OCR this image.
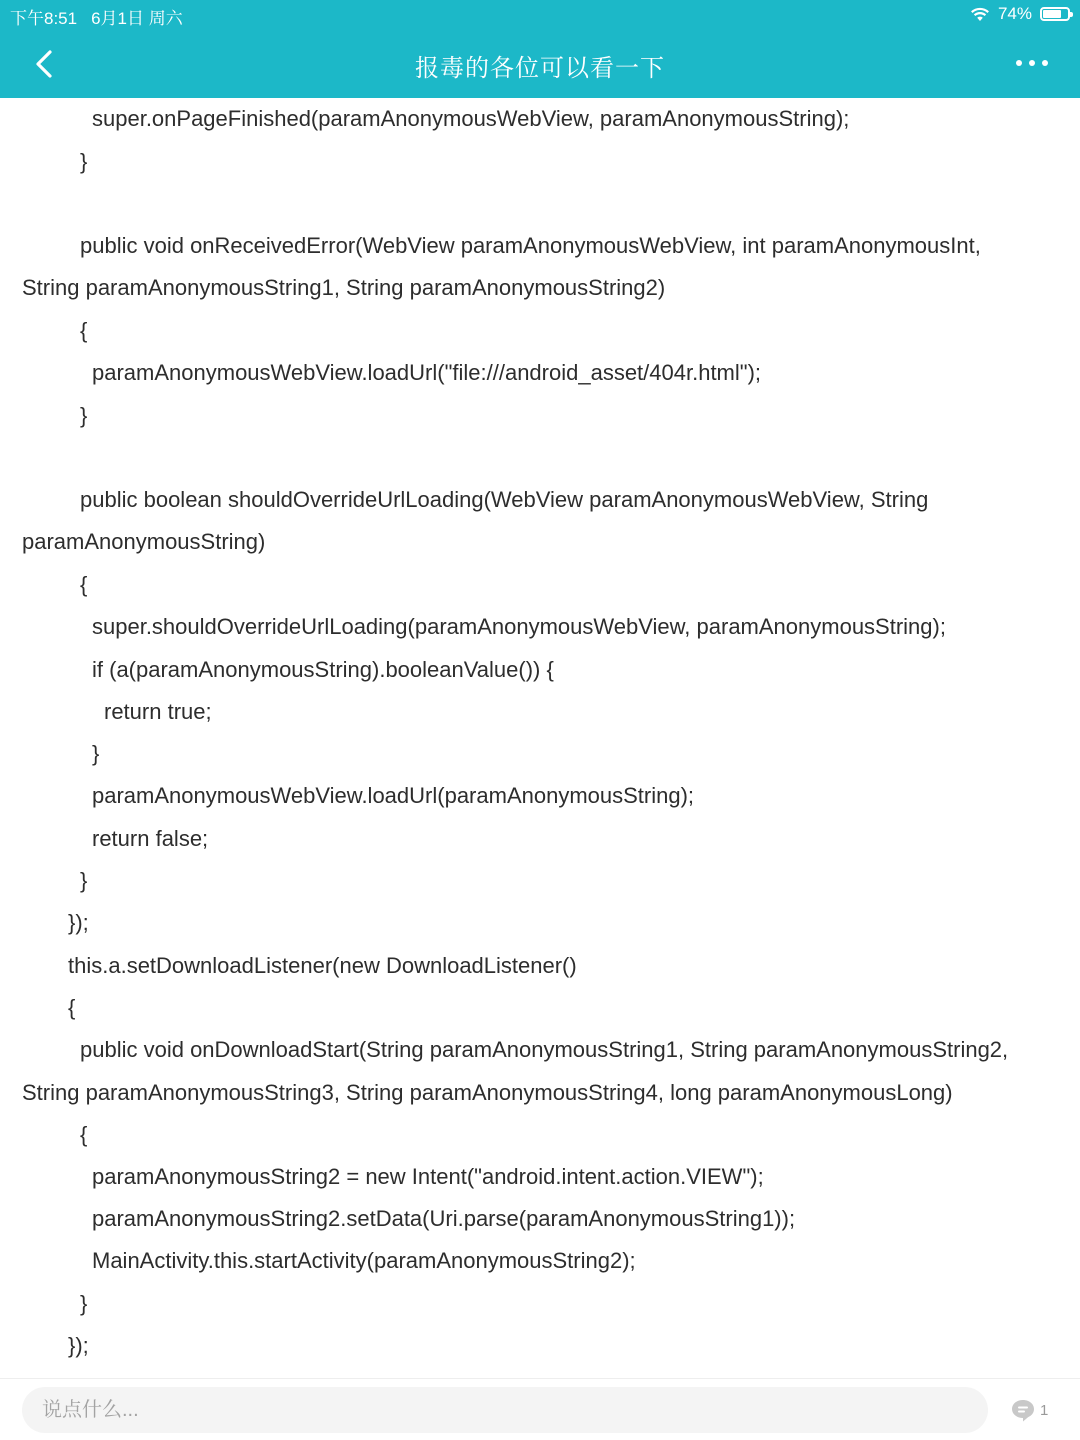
下午8:51 6月1日 周六	74%
报毒的各位可以看一下
super.onPageFinished(paramAnonymousWebView, paramAnonymousString);
}
public void onReceivedError(WebView paramAnonymousWebView, int paramAnonymousInt,
String paramAnonymousString1, String paramAnonymousString2)
{
paramAnonymousWebView.loadUrl("file:///android_asset/404r.html");
}
public boolean shouldOverrideUrlLoading(WebView paramAnonymousWebView, String
paramAnonymousString)
{
super.shouldOverrideUrlLoading(paramAnonymousWebView, paramAnonymousString);
if (a(paramAnonymousString).booleanValue()) {
return true;
}
paramAnonymousWebView.loadUrl(paramAnonymousString);
return false;
}
});
this.a.setDownloadListener(new DownloadListener()
{
public void onDownloadStart(String paramAnonymousString1, String paramAnonymousString2,
String paramAnonymousString3, String paramAnonymousString4, long paramAnonymousLong)
{
paramAnonymousString2 = new Intent("android.intent.action.VIEW");
paramAnonymousString2.setData(Uri.parse(paramAnonymousString1));
MainActivity.this.startActivity(paramAnonymousString2);
}
});
说点什么...
1
